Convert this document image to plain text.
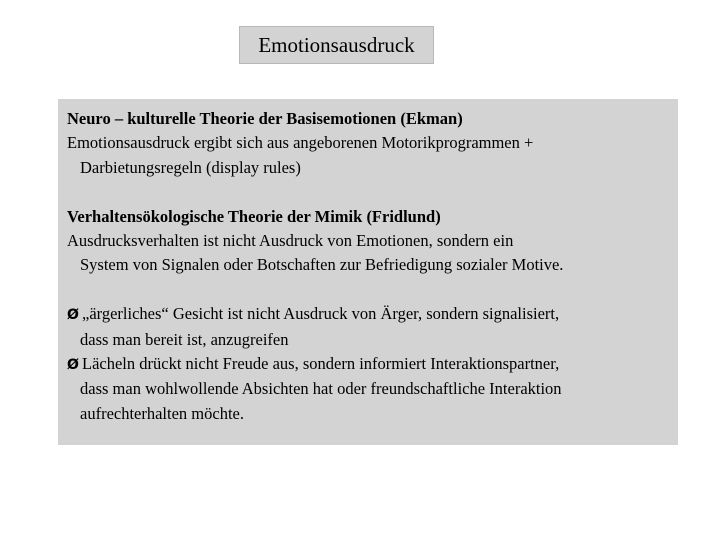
Emotionsausdruck

Neuro – kulturelle Theorie der Basisemotionen (Ekman)

Emotionsausdruck ergibt sich aus angeborenen Motorikprogrammen +

Darbietungsregeln (display rules)

Verhaltensökologische Theorie der Mimik (Fridlund)

Ausdrucksverhalten ist nicht Ausdruck von Emotionen, sondern ein

System von Signalen oder Botschaften zur Befriedigung sozialer Motive.

Ø „ärgerliches“ Gesicht ist nicht Ausdruck von Ärger, sondern signalisiert,

dass man bereit ist, anzugreifen

Ø Lächeln drückt nicht Freude aus, sondern informiert Interaktionspartner,

dass man wohlwollende Absichten hat oder freundschaftliche Interaktion

aufrechterhalten möchte.
